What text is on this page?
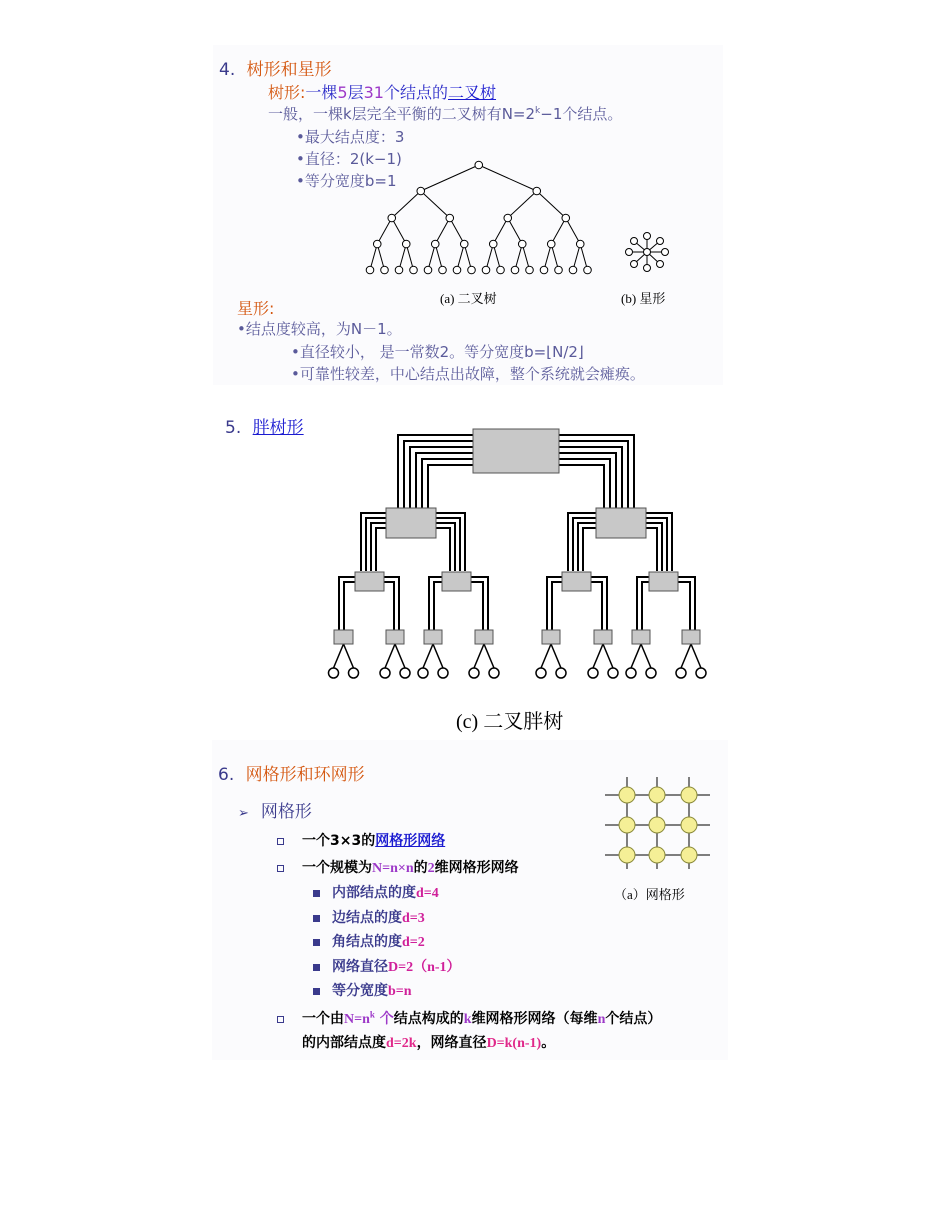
4. 树形和星形
树形:一棵5层31个结点的二叉树
一般，一棵k层完全平衡的二叉树有$N=2^k-1$个结点。
•最大结点度：3
•直径：2(k−1)
•等分宽度b=1
(a) 二叉树	(b) 星形
星形:
•结点度较高，为N－1。
•直径较小， 是一常数2。等分宽度b=⌊N/2⌋
•可靠性较差，中心结点出故障，整个系统就会瘫痪。
5. 胖树形
(c) 二叉胖树
6. 网格形和环网形
➢ 网格形
一个3×3的网格形网络
一个规模为N=n×n的2维网格形网络
内部结点的度d=4
边结点的度d=3
角结点的度d=2
网络直径D=2（n-1）
等分宽度b=n
一个由$N=n^k$ 个结点构成的k维网格形网络（每维n个结点）
的内部结点度d=2k，网络直径D=k(n-1)。
（a）网格形
